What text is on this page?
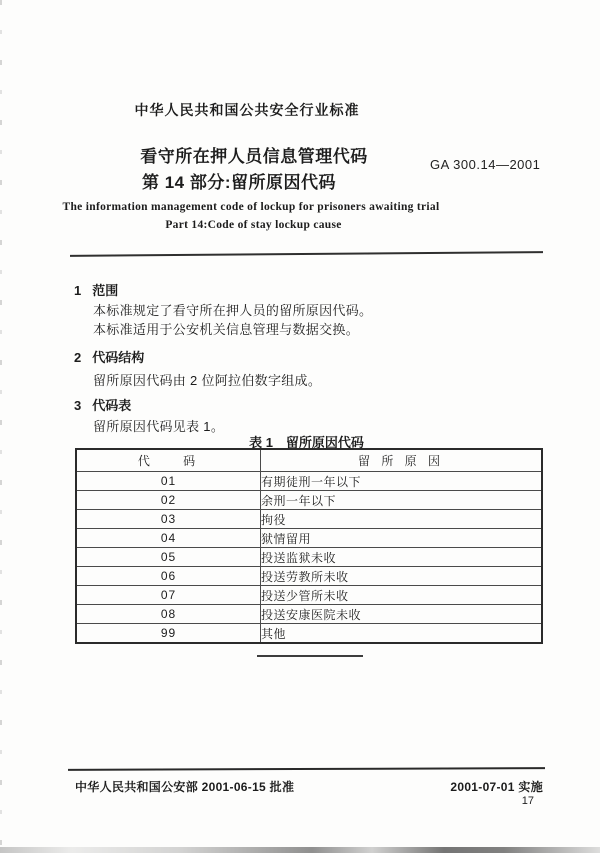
中华人民共和国公共安全行业标准
看守所在押人员信息管理代码
第 14 部分:留所原因代码
GA 300.14—2001
The information management code of lockup for prisoners awaiting trial
Part 14:Code of stay lockup cause
1 范围
本标准规定了看守所在押人员的留所原因代码。
本标准适用于公安机关信息管理与数据交换。
2 代码结构
留所原因代码由 2 位阿拉伯数字组成。
3 代码表
留所原因代码见表 1。
表 1　留所原因代码
代    码	留 所 原 因
01	有期徒刑一年以下
02	余刑一年以下
03	拘役
04	狱情留用
05	投送监狱未收
06	投送劳教所未收
07	投送少管所未收
08	投送安康医院未收
99	其他
中华人民共和国公安部 2001-06-15 批准	2001-07-01 实施
17
